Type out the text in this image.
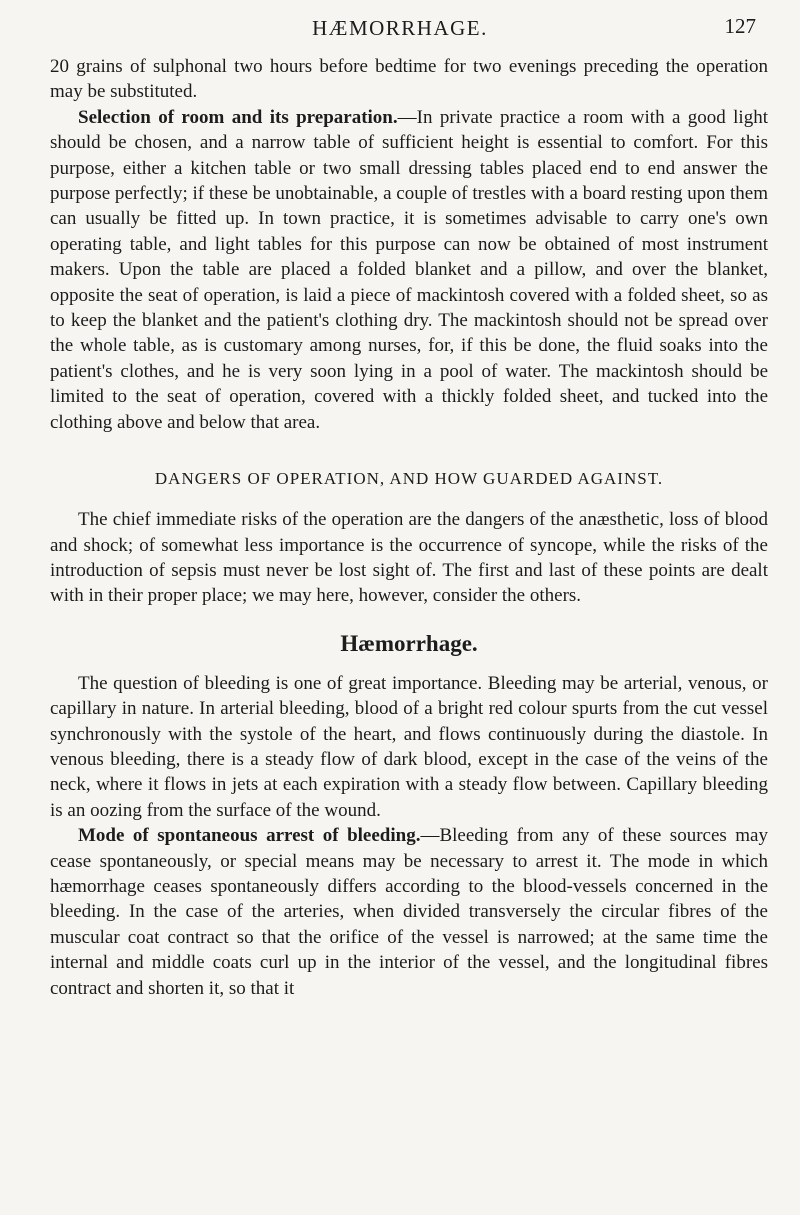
HÆMORRHAGE.	127

20 grains of sulphonal two hours before bedtime for two evenings preceding the operation may be substituted.

Selection of room and its preparation.—In private practice a room with a good light should be chosen, and a narrow table of sufficient height is essential to comfort. For this purpose, either a kitchen table or two small dressing tables placed end to end answer the purpose perfectly; if these be unobtainable, a couple of trestles with a board resting upon them can usually be fitted up. In town practice, it is sometimes advisable to carry one's own operating table, and light tables for this purpose can now be obtained of most instrument makers. Upon the table are placed a folded blanket and a pillow, and over the blanket, opposite the seat of operation, is laid a piece of mackintosh covered with a folded sheet, so as to keep the blanket and the patient's clothing dry. The mackintosh should not be spread over the whole table, as is customary among nurses, for, if this be done, the fluid soaks into the patient's clothes, and he is very soon lying in a pool of water. The mackintosh should be limited to the seat of operation, covered with a thickly folded sheet, and tucked into the clothing above and below that area.

DANGERS OF OPERATION, AND HOW GUARDED AGAINST.

The chief immediate risks of the operation are the dangers of the anæsthetic, loss of blood and shock; of somewhat less importance is the occurrence of syncope, while the risks of the introduction of sepsis must never be lost sight of. The first and last of these points are dealt with in their proper place; we may here, however, consider the others.

Hæmorrhage.

The question of bleeding is one of great importance. Bleeding may be arterial, venous, or capillary in nature. In arterial bleeding, blood of a bright red colour spurts from the cut vessel synchronously with the systole of the heart, and flows continuously during the diastole. In venous bleeding, there is a steady flow of dark blood, except in the case of the veins of the neck, where it flows in jets at each expiration with a steady flow between. Capillary bleeding is an oozing from the surface of the wound.

Mode of spontaneous arrest of bleeding.—Bleeding from any of these sources may cease spontaneously, or special means may be necessary to arrest it. The mode in which hæmorrhage ceases spontaneously differs according to the blood-vessels concerned in the bleeding. In the case of the arteries, when divided transversely the circular fibres of the muscular coat contract so that the orifice of the vessel is narrowed; at the same time the internal and middle coats curl up in the interior of the vessel, and the longitudinal fibres contract and shorten it, so that it
